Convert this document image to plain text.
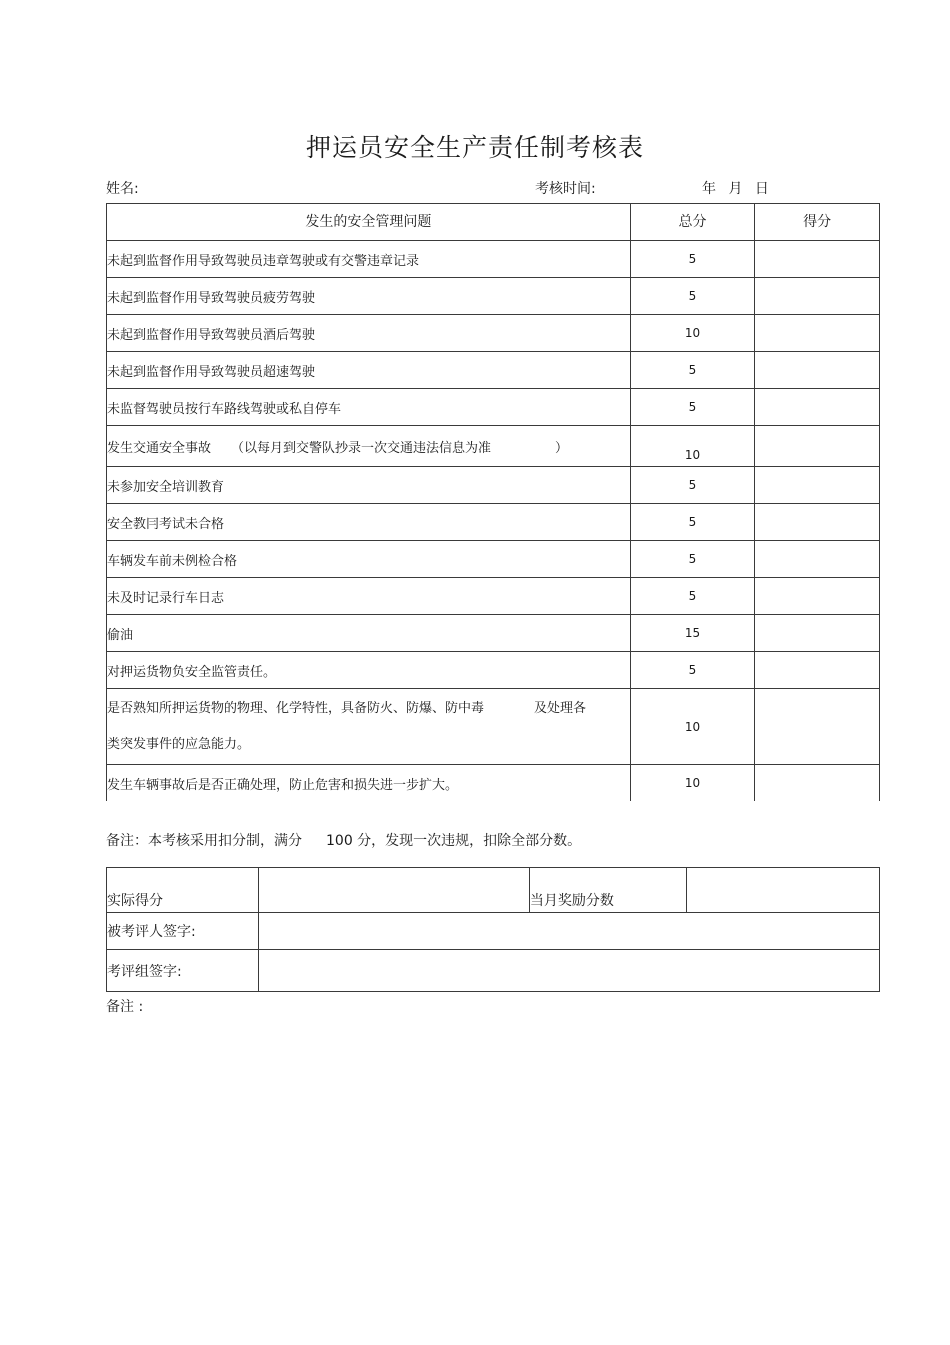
押运员安全生产责任制考核表
姓名:	考核时间:	年 月 日
发生的安全管理问题	总分	得分
未起到监督作用导致驾驶员违章驾驶或有交警违章记录	5	
未起到监督作用导致驾驶员疲劳驾驶	5	
未起到监督作用导致驾驶员酒后驾驶	10	
未起到监督作用导致驾驶员超速驾驶	5	
未监督驾驶员按行车路线驾驶或私自停车	5	
发生交通安全事故 （以每月到交警队抄录一次交通违法信息为准 ）	10	
未参加安全培训教育	5	
安全教冃考试未合格	5	
车辆发车前未例检合格	5	
未及时记录行车日志	5	
偷油	15	
对押运货物负安全监管责任。	5	
是否熟知所押运货物的物理、化学特性，具备防火、防爆、防中毒 及处理各
类突发事件的应急能力。	10	
发生车辆事故后是否正确处理，防止危害和损失进一步扩大。	10	
备注：本考核采用扣分制，满分 100 分，发现一次违规，扣除全部分数。
实际得分		当月奖励分数	
被考评人签字:			
考评组签字:			
备注 :
